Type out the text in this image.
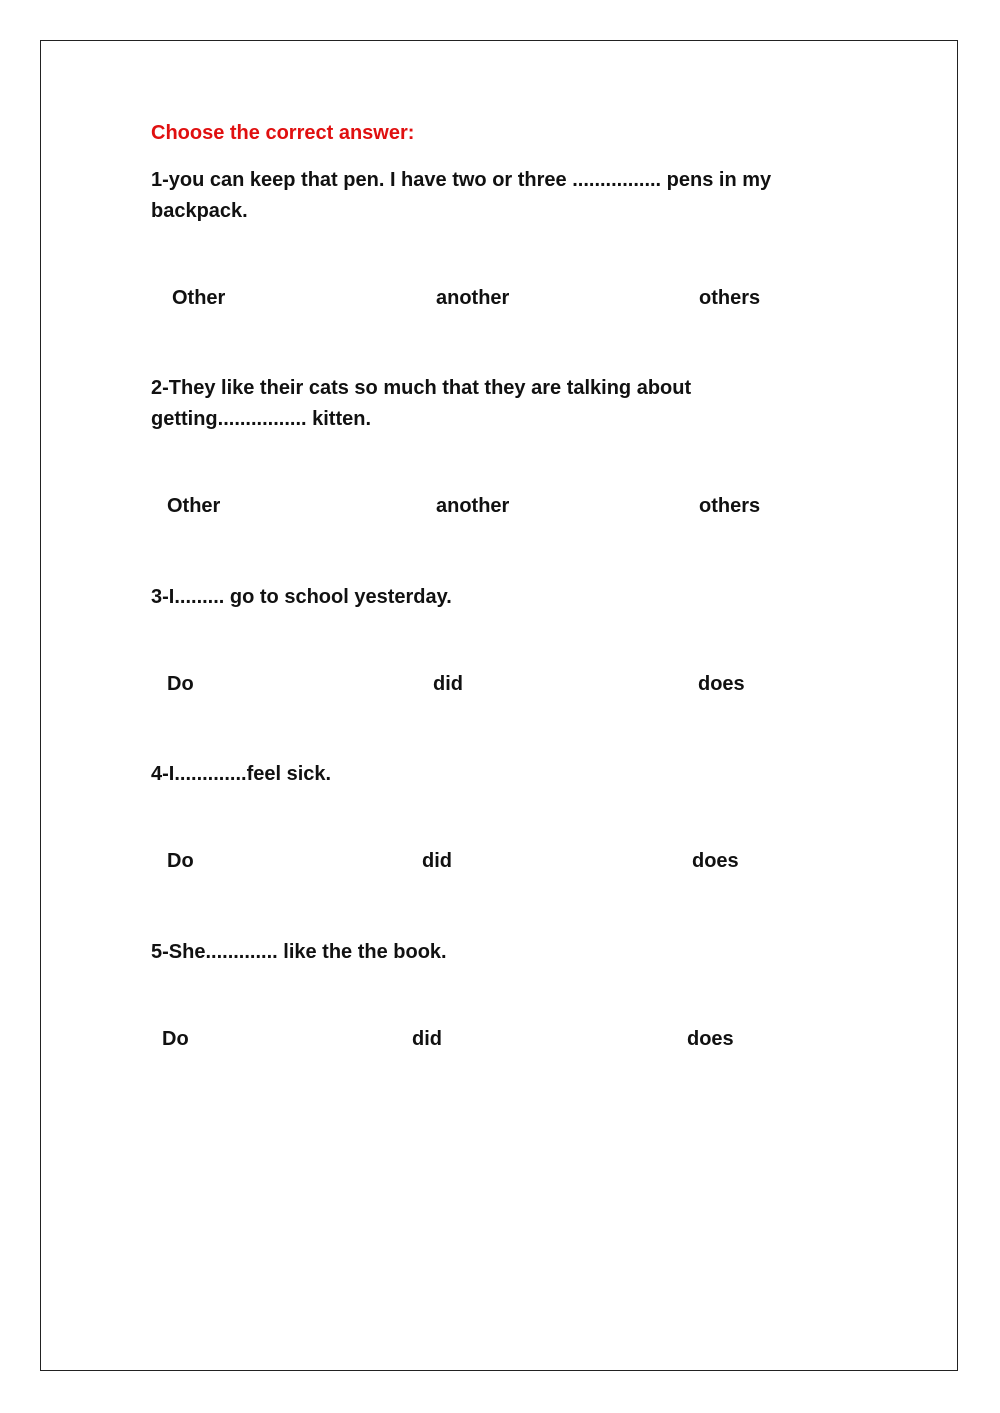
Choose the correct answer:
1-you can keep that pen. I have two or three ................ pens in my
backpack.
Other	another	others
2-They like their cats so much that they are talking about
getting................ kitten.
Other	another	others
3-I......... go to school yesterday.
Do	did	does
4-I.............feel sick.
Do	did	does
5-She............. like the the book.
Do	did	does
